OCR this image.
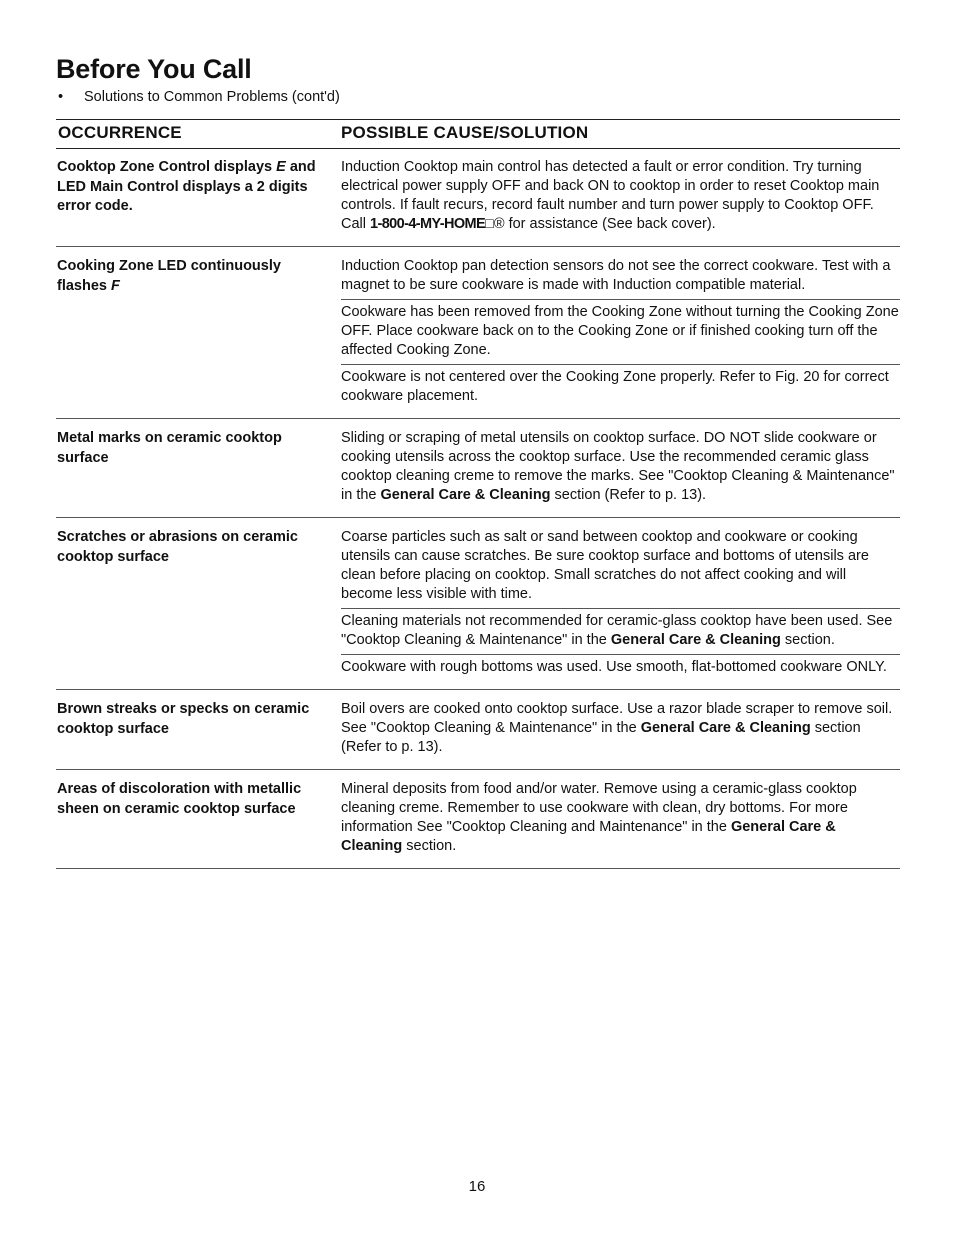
Before You Call
• Solutions to Common Problems (cont'd)
OCCURRENCE	POSSIBLE CAUSE/SOLUTION
Cooktop Zone Control displays E and LED Main Control displays a 2 digits error code.
Induction Cooktop main control has detected a fault or error condition. Try turning electrical power supply OFF and back ON to cooktop in order to reset Cooktop main controls. If fault recurs, record fault number and turn power supply to Cooktop OFF. Call 1-800-4-MY-HOME□® for assistance (See back cover).
Cooking Zone LED continuously flashes F
Induction Cooktop pan detection sensors do not see the correct cookware. Test with a magnet to be sure cookware is made with Induction compatible material.
Cookware has been removed from the Cooking Zone without turning the Cooking Zone OFF. Place cookware back on to the Cooking Zone or if finished cooking turn off the affected Cooking Zone.
Cookware is not centered over the Cooking Zone properly. Refer to Fig. 20 for correct cookware placement.
Metal marks on ceramic cooktop surface
Sliding or scraping of metal utensils on cooktop surface. DO NOT slide cookware or cooking utensils across the cooktop surface. Use the recommended ceramic glass cooktop cleaning creme to remove the marks. See "Cooktop Cleaning & Maintenance" in the General Care & Cleaning section (Refer to p. 13).
Scratches or abrasions on ceramic cooktop surface
Coarse particles such as salt or sand between cooktop and cookware or cooking utensils can cause scratches. Be sure cooktop surface and bottoms of utensils are clean before placing on cooktop. Small scratches do not affect cooking and will become less visible with time.
Cleaning materials not recommended for ceramic-glass cooktop have been used. See "Cooktop Cleaning & Maintenance" in the General Care & Cleaning section.
Cookware with rough bottoms was used. Use smooth, flat-bottomed cookware ONLY.
Brown streaks or specks on ceramic cooktop surface
Boil overs are cooked onto cooktop surface. Use a razor blade scraper to remove soil. See "Cooktop Cleaning & Maintenance" in the General Care & Cleaning section (Refer to p. 13).
Areas of discoloration with metallic sheen on ceramic cooktop surface
Mineral deposits from food and/or water. Remove using a ceramic-glass cooktop cleaning creme. Remember to use cookware with clean, dry bottoms. For more information See "Cooktop Cleaning and Maintenance" in the General Care & Cleaning section.
16
